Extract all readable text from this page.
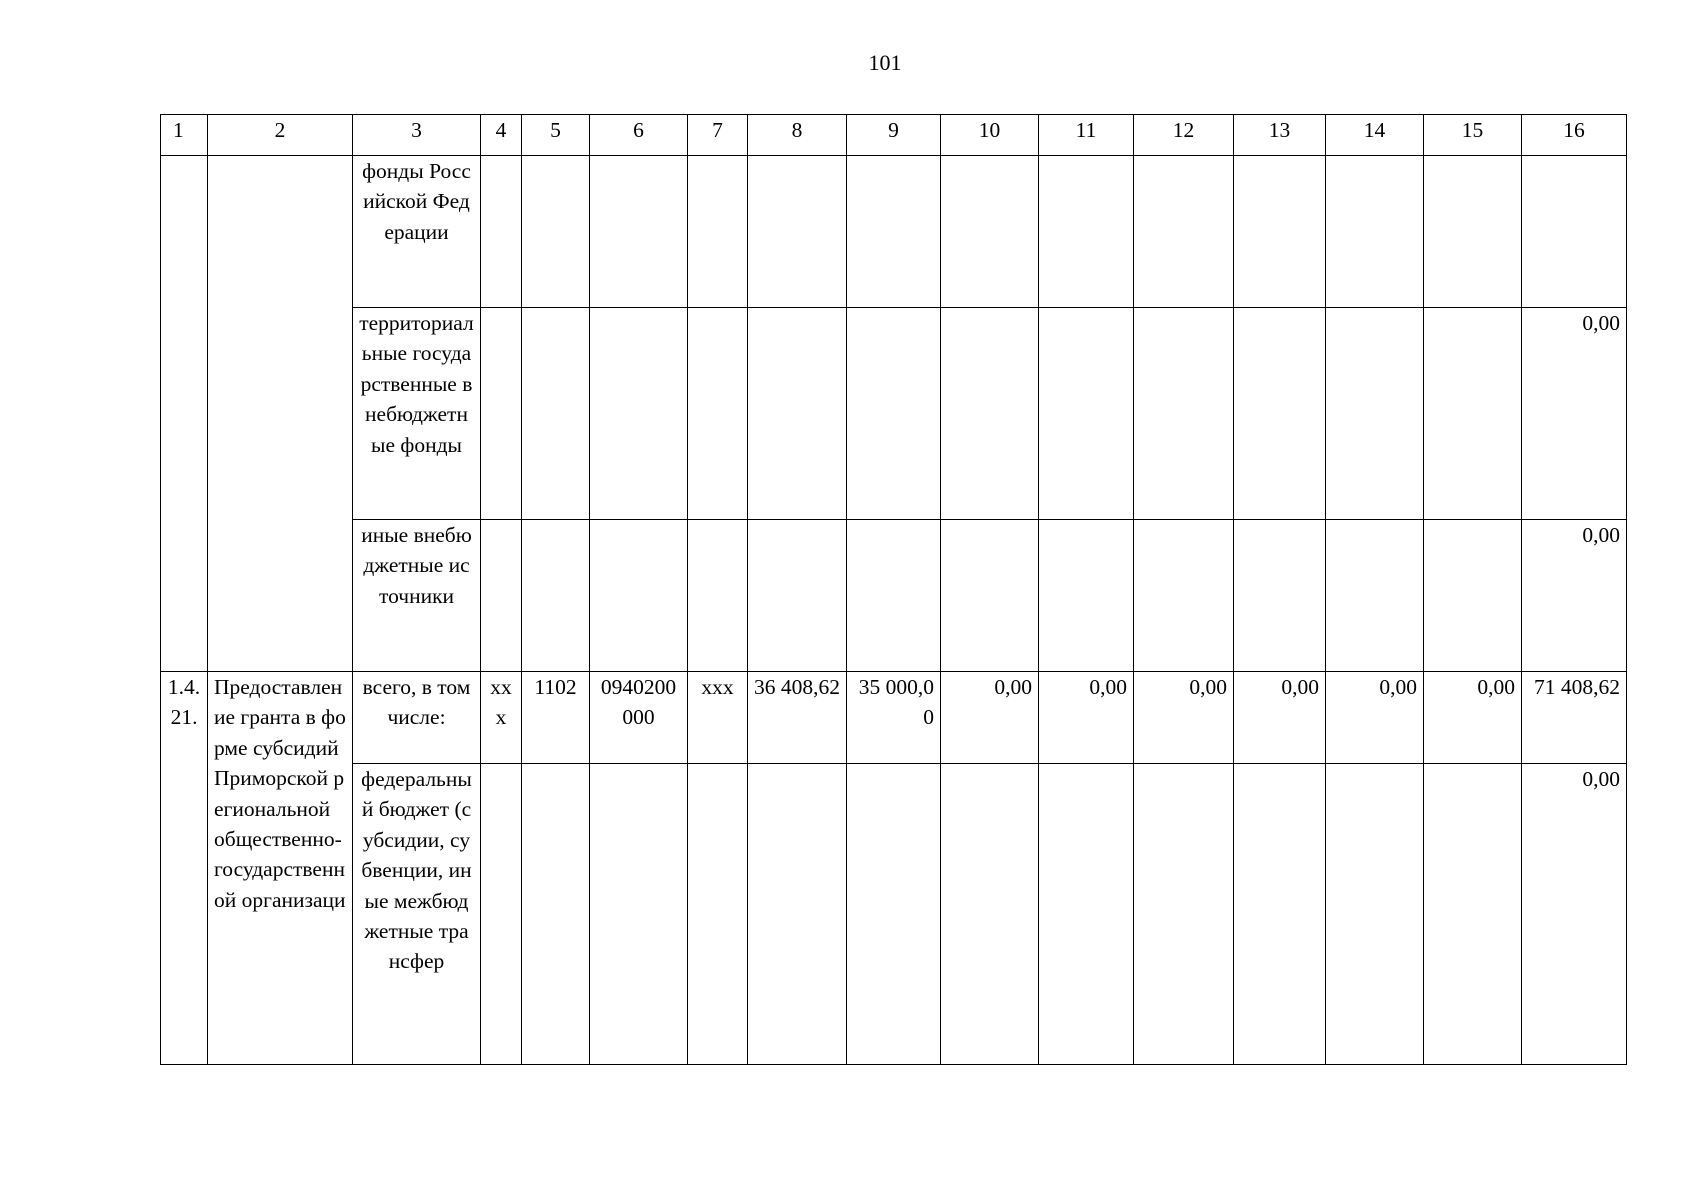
101
1	2	3	4	5	6	7	8	9	10	11	12	13	14	15	16
		фонды Российской Федерации													
		территориальные государственные внебюджетные фонды													0,00
		иные внебюджетные источники													0,00
1.4.21.	Предоставление гранта в форме субсидий Приморской региональной общественно-государственной организаци	всего, в том числе:	ххх	1102	0940200000	ххх	36 408,62	35 000,00	0,00	0,00	0,00	0,00	0,00	0,00	71 408,62
		федеральный бюджет (субсидии, субвенции, иные межбюджетные трансфер													0,00
